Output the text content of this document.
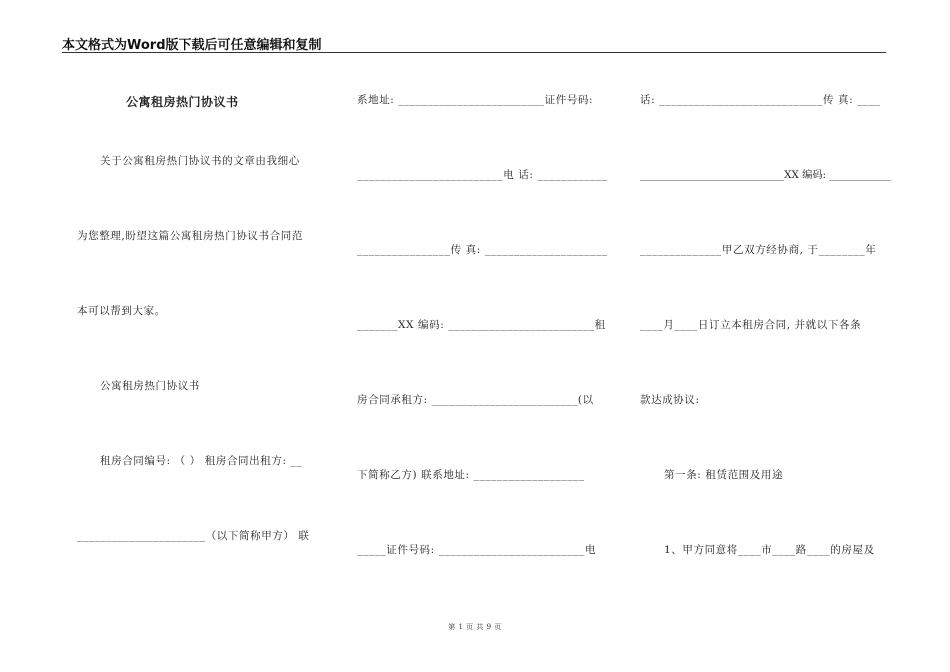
本文格式为Word版下载后可任意编辑和复制
公寓租房热门协议书
关于公寓租房热门协议书的文章由我细心
为您整理,盼望这篇公寓租房热门协议书合同范
本可以帮到大家。
公寓租房热门协议书
租房合同编号: （ ） 租房合同出租方: __
______________________（以下简称甲方） 联
系地址: _________________________证件号码:
_________________________电 话: ____________
________________传 真: _____________________
_______XX 编码: _________________________租
房合同承租方: _________________________(以
下简称乙方) 联系地址: ___________________
_____证件号码: _________________________电
话: ____________________________传 真: ____
____________________________XX 编码: ____________
______________甲乙双方经协商, 于________年
____月____日订立本租房合同, 并就以下各条
款达成协议:
第一条: 租赁范围及用途
1、甲方同意将____市____路____的房屋及
第 1 页 共 9 页
